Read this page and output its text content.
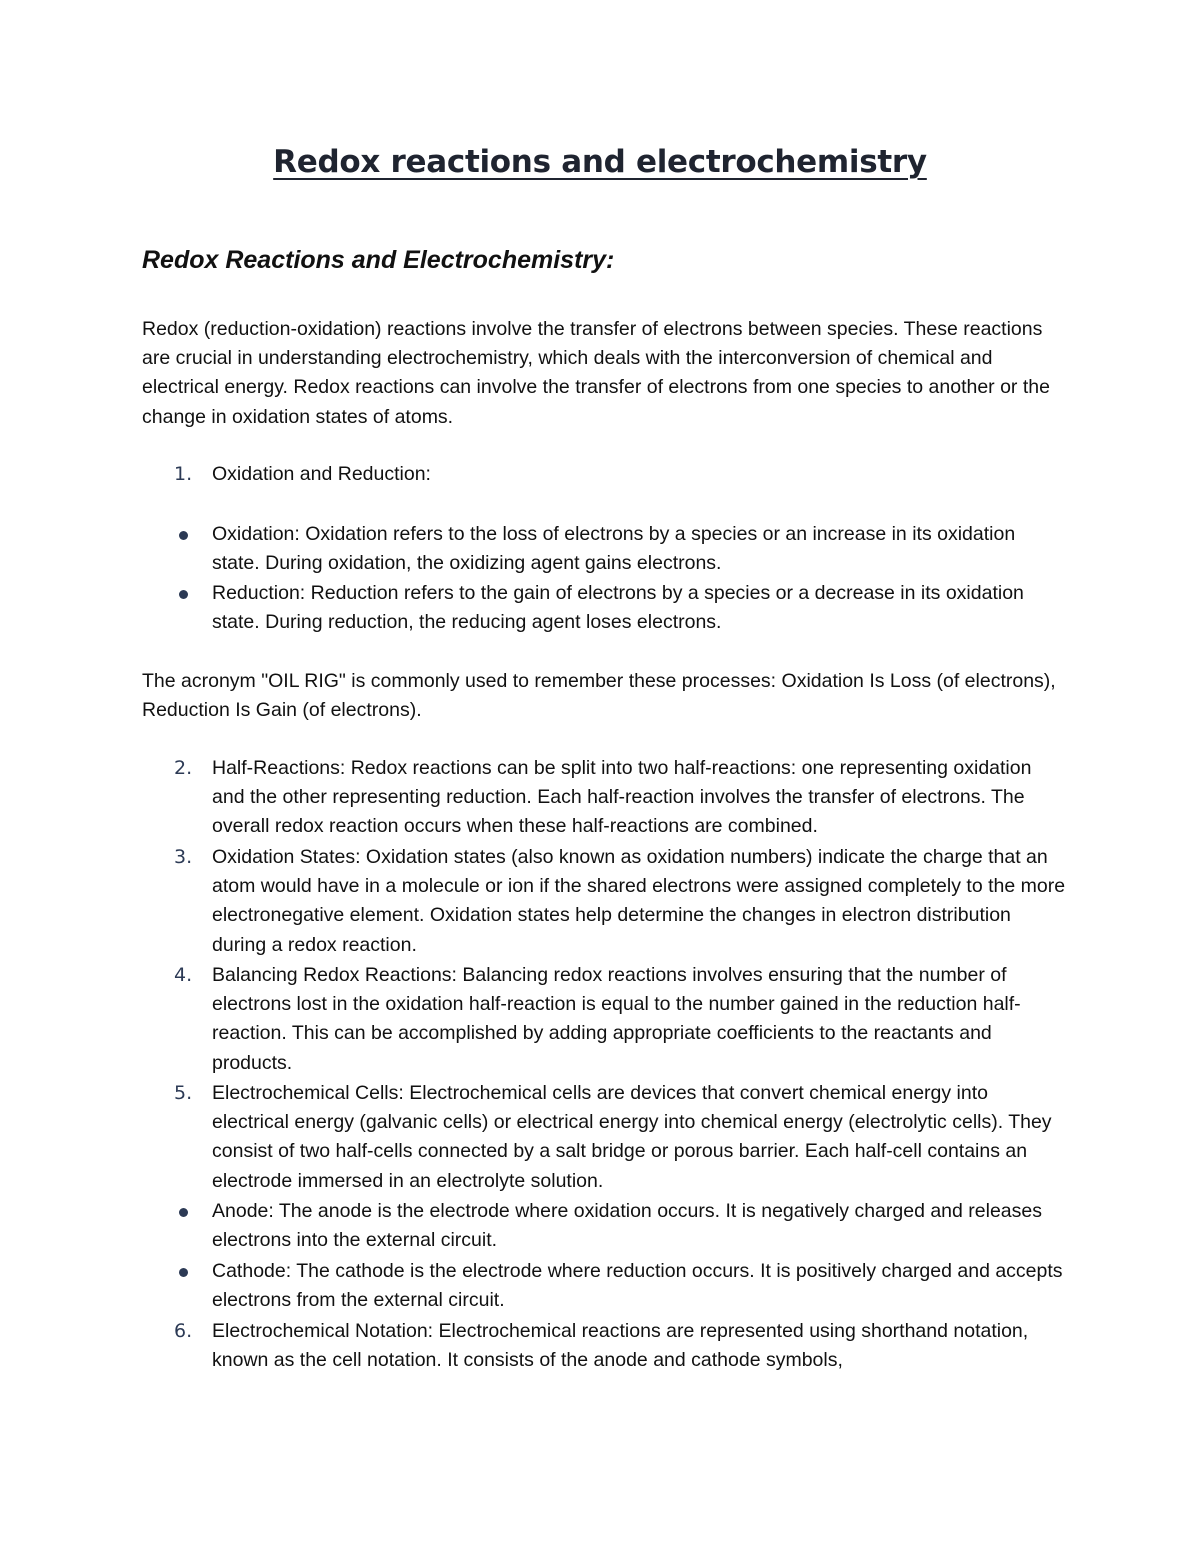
Redox reactions and electrochemistry
Redox Reactions and Electrochemistry:

Redox (reduction-oxidation) reactions involve the transfer of electrons between species. These reactions are crucial in understanding electrochemistry, which deals with the interconversion of chemical and electrical energy. Redox reactions can involve the transfer of electrons from one species to another or the change in oxidation states of atoms.

1.	Oxidation and Reduction:
Oxidation: Oxidation refers to the loss of electrons by a species or an increase in its oxidation state. During oxidation, the oxidizing agent gains electrons.
Reduction: Reduction refers to the gain of electrons by a species or a decrease in its oxidation state. During reduction, the reducing agent loses electrons.

The acronym "OIL RIG" is commonly used to remember these processes: Oxidation Is Loss (of electrons), Reduction Is Gain (of electrons).

2.	Half-Reactions: Redox reactions can be split into two half-reactions: one representing oxidation and the other representing reduction. Each half-reaction involves the transfer of electrons. The overall redox reaction occurs when these half-reactions are combined.
3.	Oxidation States: Oxidation states (also known as oxidation numbers) indicate the charge that an atom would have in a molecule or ion if the shared electrons were assigned completely to the more electronegative element. Oxidation states help determine the changes in electron distribution during a redox reaction.
4.	Balancing Redox Reactions: Balancing redox reactions involves ensuring that the number of electrons lost in the oxidation half-reaction is equal to the number gained in the reduction half-reaction. This can be accomplished by adding appropriate coefficients to the reactants and products.
5.	Electrochemical Cells: Electrochemical cells are devices that convert chemical energy into electrical energy (galvanic cells) or electrical energy into chemical energy (electrolytic cells). They consist of two half-cells connected by a salt bridge or porous barrier. Each half-cell contains an electrode immersed in an electrolyte solution.
Anode: The anode is the electrode where oxidation occurs. It is negatively charged and releases electrons into the external circuit.
Cathode: The cathode is the electrode where reduction occurs. It is positively charged and accepts electrons from the external circuit.
6.	Electrochemical Notation: Electrochemical reactions are represented using shorthand notation, known as the cell notation. It consists of the anode and cathode symbols,
